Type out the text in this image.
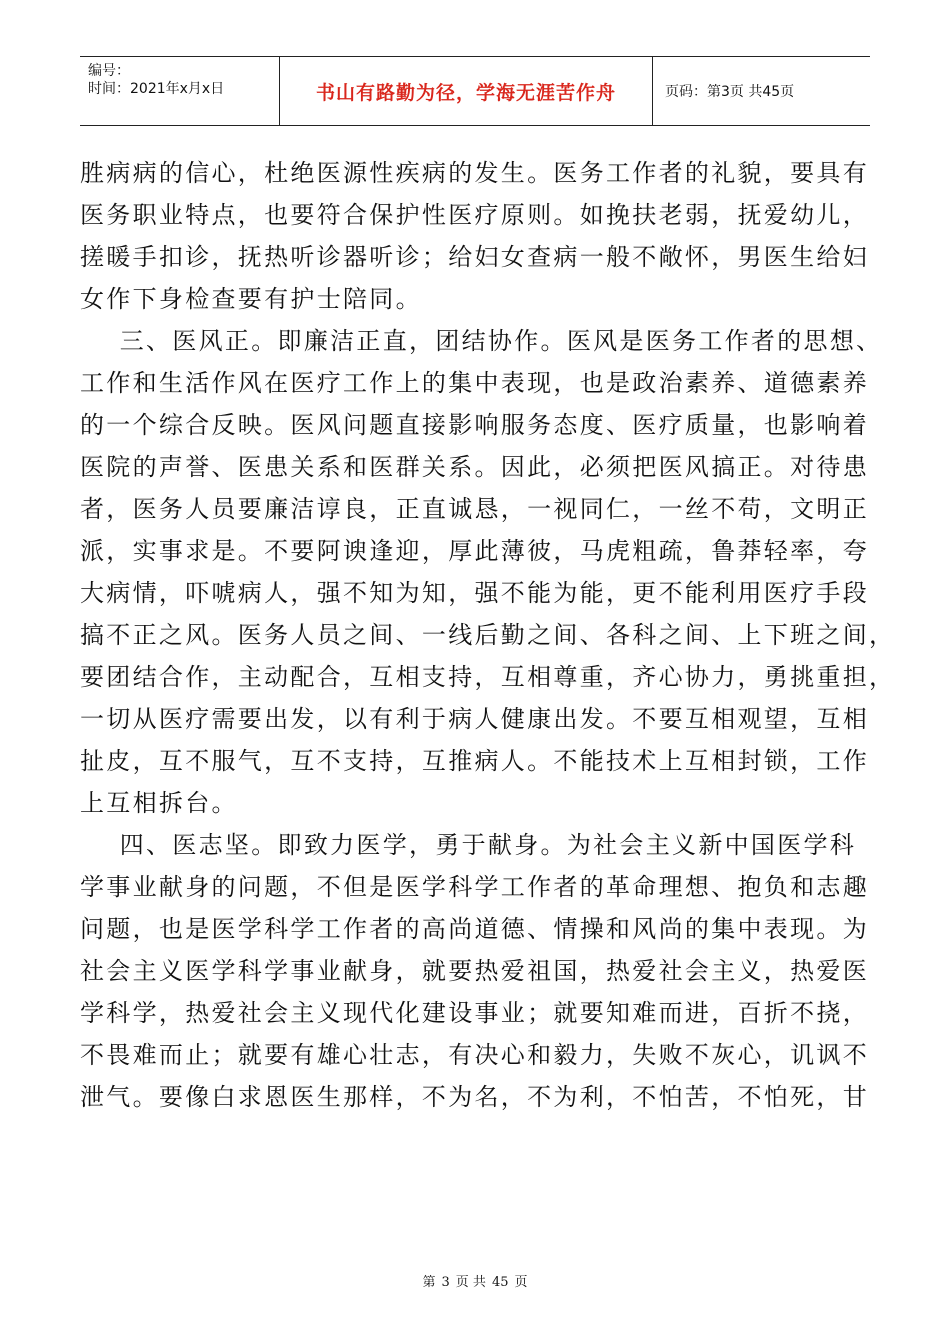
编号：
时间：2021年x月x日	书山有路勤为径，学海无涯苦作舟	页码：第3页 共45页

胜病病的信心，杜绝医源性疾病的发生。医务工作者的礼貌，要具有

医务职业特点，也要符合保护性医疗原则。如挽扶老弱，抚爱幼儿，

搓暖手扣诊，抚热听诊器听诊；给妇女查病一般不敞怀，男医生给妇

女作下身检查要有护士陪同。

三、医风正。即廉洁正直，团结协作。医风是医务工作者的思想、

工作和生活作风在医疗工作上的集中表现，也是政治素养、道德素养

的一个综合反映。医风问题直接影响服务态度、医疗质量，也影响着

医院的声誉、医患关系和医群关系。因此，必须把医风搞正。对待患

者，医务人员要廉洁谆良，正直诚恳，一视同仁，一丝不苟，文明正

派，实事求是。不要阿谀逢迎，厚此薄彼，马虎粗疏，鲁莽轻率，夸

大病情，吓唬病人，强不知为知，强不能为能，更不能利用医疗手段

搞不正之风。医务人员之间、一线后勤之间、各科之间、上下班之间，

要团结合作，主动配合，互相支持，互相尊重，齐心协力，勇挑重担，

一切从医疗需要出发，以有利于病人健康出发。不要互相观望，互相

扯皮，互不服气，互不支持，互推病人。不能技术上互相封锁，工作

上互相拆台。

四、医志坚。即致力医学，勇于献身。为社会主义新中国医学科

学事业献身的问题，不但是医学科学工作者的革命理想、抱负和志趣

问题，也是医学科学工作者的高尚道德、情操和风尚的集中表现。为

社会主义医学科学事业献身，就要热爱祖国，热爱社会主义，热爱医

学科学，热爱社会主义现代化建设事业；就要知难而进，百折不挠，

不畏难而止；就要有雄心壮志，有决心和毅力，失败不灰心，讥讽不

泄气。要像白求恩医生那样，不为名，不为利，不怕苦，不怕死，甘

第 3 页 共 45 页
